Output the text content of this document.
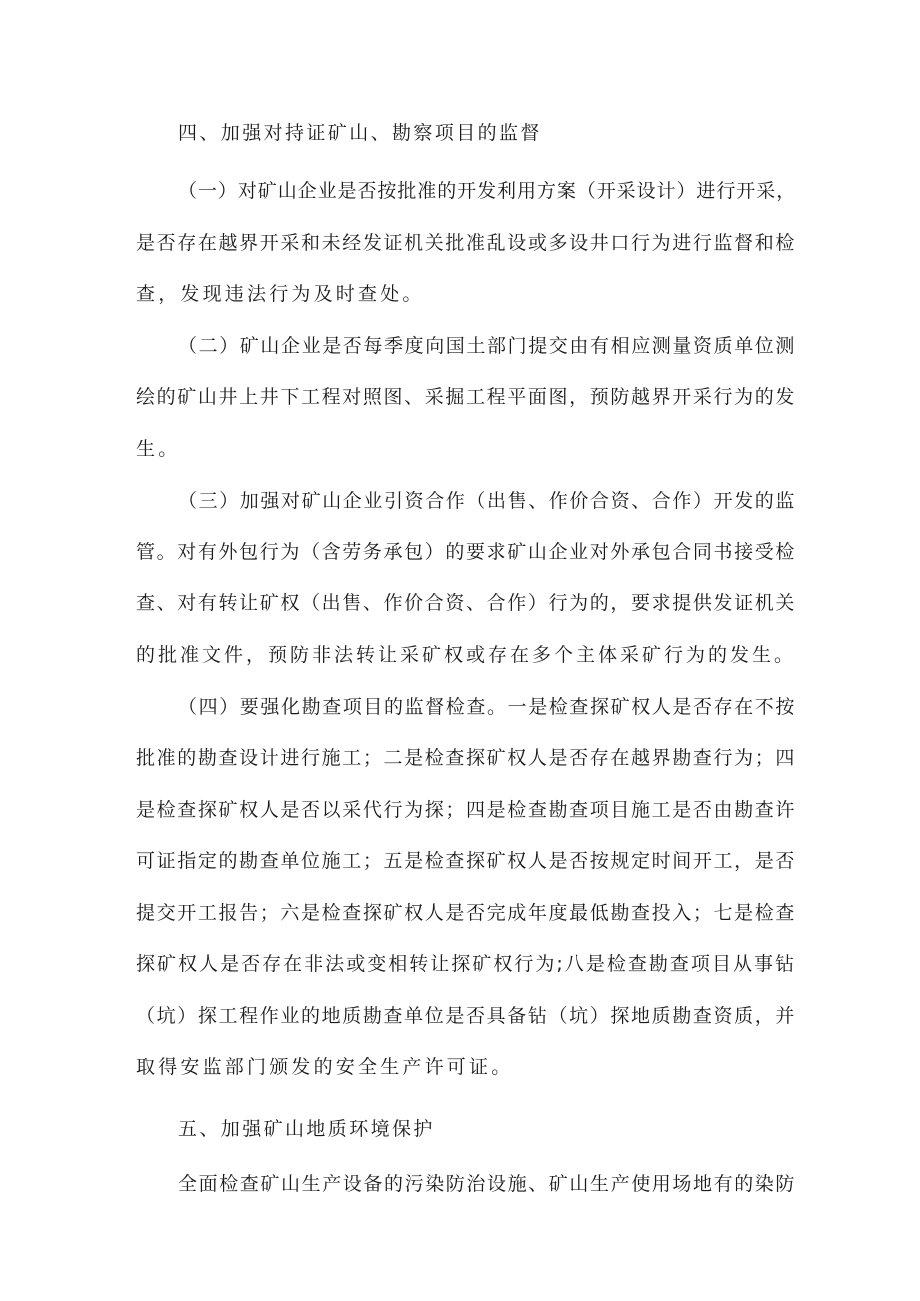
四、加强对持证矿山、勘察项目的监督
（一）对矿山企业是否按批准的开发利用方案（开采设计）进行开采，
是否存在越界开采和未经发证机关批准乱设或多设井口行为进行监督和检
查，发现违法行为及时查处。
（二）矿山企业是否每季度向国土部门提交由有相应测量资质单位测
绘的矿山井上井下工程对照图、采掘工程平面图，预防越界开采行为的发
生。
（三）加强对矿山企业引资合作（出售、作价合资、合作）开发的监
管。对有外包行为（含劳务承包）的要求矿山企业对外承包合同书接受检
查、对有转让矿权（出售、作价合资、合作）行为的，要求提供发证机关
的批准文件，预防非法转让采矿权或存在多个主体采矿行为的发生。
（四）要强化勘查项目的监督检查。一是检查探矿权人是否存在不按
批准的勘查设计进行施工；二是检查探矿权人是否存在越界勘查行为；四
是检查探矿权人是否以采代行为探；四是检查勘查项目施工是否由勘查许
可证指定的勘查单位施工；五是检查探矿权人是否按规定时间开工，是否
提交开工报告；六是检查探矿权人是否完成年度最低勘查投入；七是检查
探矿权人是否存在非法或变相转让探矿权行为;八是检查勘查项目从事钻
（坑）探工程作业的地质勘查单位是否具备钻（坑）探地质勘查资质，并
取得安监部门颁发的安全生产许可证。
五、加强矿山地质环境保护
全面检查矿山生产设备的污染防治设施、矿山生产使用场地有的染防
